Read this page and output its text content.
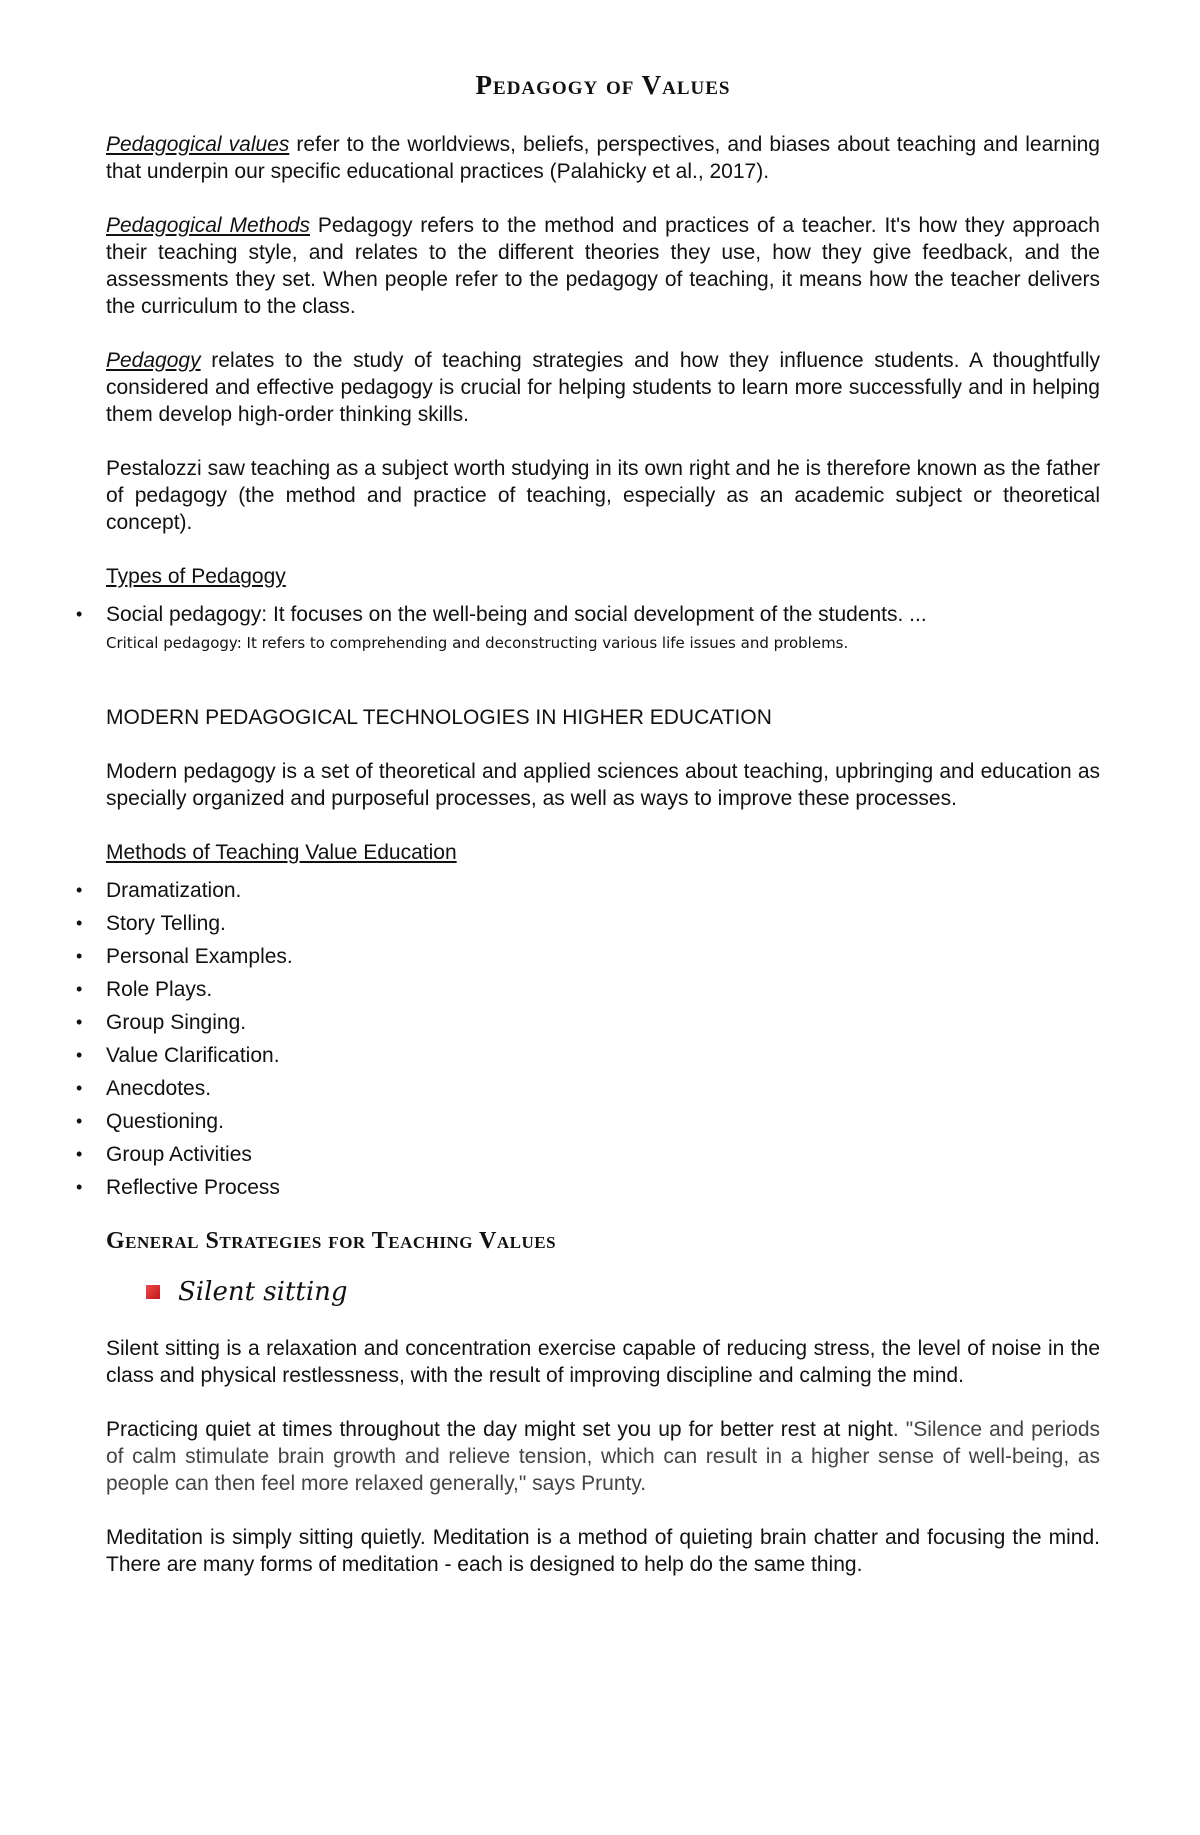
Pedagogy of Values

Pedagogical values refer to the worldviews, beliefs, perspectives, and biases about teaching and learning that underpin our specific educational practices (Palahicky et al., 2017).

Pedagogical Methods Pedagogy refers to the method and practices of a teacher. It's how they approach their teaching style, and relates to the different theories they use, how they give feedback, and the assessments they set. When people refer to the pedagogy of teaching, it means how the teacher delivers the curriculum to the class.

Pedagogy relates to the study of teaching strategies and how they influence students. A thoughtfully considered and effective pedagogy is crucial for helping students to learn more successfully and in helping them develop high-order thinking skills.

Pestalozzi saw teaching as a subject worth studying in its own right and he is therefore known as the father of pedagogy (the method and practice of teaching, especially as an academic subject or theoretical concept).

Types of Pedagogy

• Social pedagogy: It focuses on the well-being and social development of the students. ...

Critical pedagogy: It refers to comprehending and deconstructing various life issues and problems.

MODERN PEDAGOGICAL TECHNOLOGIES IN HIGHER EDUCATION

Modern pedagogy is a set of theoretical and applied sciences about teaching, upbringing and education as specially organized and purposeful processes, as well as ways to improve these processes.

Methods of Teaching Value Education

• Dramatization.
• Story Telling.
• Personal Examples.
• Role Plays.
• Group Singing.
• Value Clarification.
• Anecdotes.
• Questioning.
• Group Activities
• Reflective Process
General Strategies for Teaching Values
Silent sitting

Silent sitting is a relaxation and concentration exercise capable of reducing stress, the level of noise in the class and physical restlessness, with the result of improving discipline and calming the mind.

Practicing quiet at times throughout the day might set you up for better rest at night. "Silence and periods of calm stimulate brain growth and relieve tension, which can result in a higher sense of well-being, as people can then feel more relaxed generally," says Prunty.

Meditation is simply sitting quietly. Meditation is a method of quieting brain chatter and focusing the mind. There are many forms of meditation - each is designed to help do the same thing.
